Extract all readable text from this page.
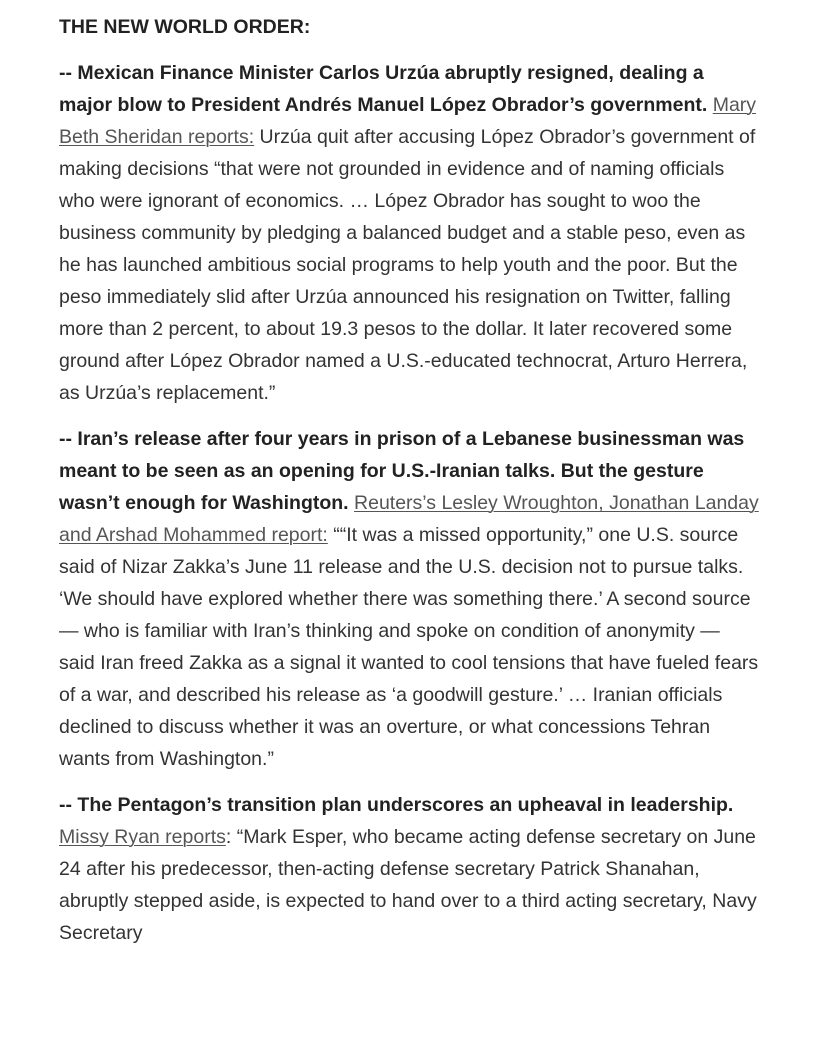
THE NEW WORLD ORDER:
-- Mexican Finance Minister Carlos Urzúa abruptly resigned, dealing a major blow to President Andrés Manuel López Obrador’s government. Mary Beth Sheridan reports: Urzúa quit after accusing López Obrador’s government of making decisions “that were not grounded in evidence and of naming officials who were ignorant of economics. … López Obrador has sought to woo the business community by pledging a balanced budget and a stable peso, even as he has launched ambitious social programs to help youth and the poor. But the peso immediately slid after Urzúa announced his resignation on Twitter, falling more than 2 percent, to about 19.3 pesos to the dollar. It later recovered some ground after López Obrador named a U.S.-educated technocrat, Arturo Herrera, as Urzúa’s replacement.”
-- Iran’s release after four years in prison of a Lebanese businessman was meant to be seen as an opening for U.S.-Iranian talks. But the gesture wasn’t enough for Washington. Reuters’s Lesley Wroughton, Jonathan Landay and Arshad Mohammed report: ““It was a missed opportunity,” one U.S. source said of Nizar Zakka’s June 11 release and the U.S. decision not to pursue talks. ‘We should have explored whether there was something there.’ A second source — who is familiar with Iran’s thinking and spoke on condition of anonymity — said Iran freed Zakka as a signal it wanted to cool tensions that have fueled fears of a war, and described his release as ‘a goodwill gesture.’ … Iranian officials declined to discuss whether it was an overture, or what concessions Tehran wants from Washington.”
-- The Pentagon’s transition plan underscores an upheaval in leadership. Missy Ryan reports: “Mark Esper, who became acting defense secretary on June 24 after his predecessor, then-acting defense secretary Patrick Shanahan, abruptly stepped aside, is expected to hand over to a third acting secretary, Navy Secretary
